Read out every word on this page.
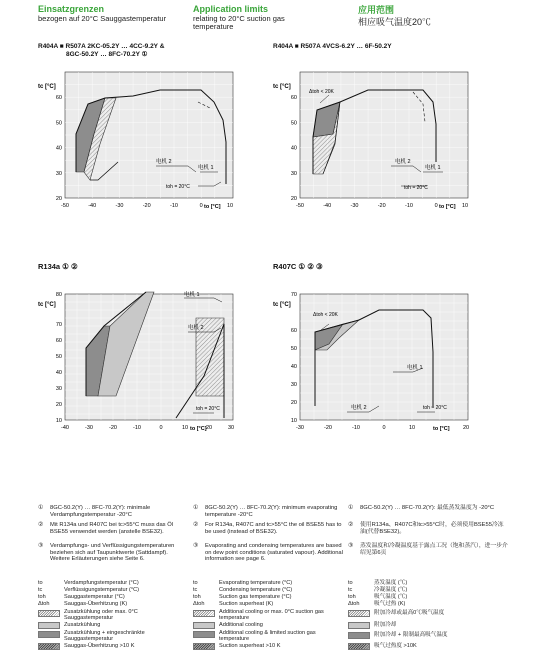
Einsatzgrenzen
bezogen auf 20°C Sauggastemperatur
Application limits
relating to 20°C suction gas
temperature
应用范围
相应吸气温度20℃
R404A ■ R507A 2KC-05.2Y … 4CC-9.2Y &
8GC-50.2Y … 8FC-70.2Y ①
R404A ■ R507A 4VCS-6.2Y … 6F-50.2Y
R134a ① ②	R407C ① ② ③
电机 2
电机 1
toh = 20°C
20
30
40
50
60
-50	-40	-30	-20	-10	0	10
tc [°C]
to [°C]
Δtoh < 20K
电机 2
电机 1
toh = 20°C
20
30
40
50
60
-50	-40	-30	-20	-10	0	10
tc [°C]
to [°C]
电机 1
电机 2
toh = 20°C
10
20
30
40
50
60
70
80
-40	-30	-20	-10	0	10	20	30
tc [°C]
to [°C]
Δtoh < 20K
电机 1
电机 2	toh = 20°C
10
20
30
40
50
60
70
-30	-20	-10	0	10	20
tc [°C]
to [°C]
① 8GC-50.2(Y) … 8FC-70.2(Y): minimale Verdampfungstemperatur -20°C
② Mit R134a und R407C bei tc>55°C muss das Öl BSE55 verwendet werden (anstelle BSE32).
③ Verdampfungs- und Verflüssigungstemperaturen beziehen sich auf Taupunktwerte (Sattdampf). Weitere Erläuterungen siehe Seite 6.
① 8GC-50.2(Y) … 8FC-70.2(Y): minimum evaporating temperature -20°C
② For R134a, R407C and tc>55°C the oil BSE55 has to be used (instead of BSE32).
③ Evaporating and condensing temperatures are based on dew point conditions (saturated vapour). Additional information see page 6.
① 8GC-50.2(Y) … 8FC-70.2(Y): 最低蒸发温度为 -20°C
② 使用R134a、R407C和tc>55°C时，必须使用BSE55冷冻油(代替BSE32)。
③ 蒸发温度和冷凝温度基于露点工况（饱和蒸汽），进一步介绍见第6页
to	Verdampfungstemperatur (°C)
tc	Verflüssigungstemperatur (°C)
toh	Sauggastemperatur (°C)
Δtoh	Sauggas-Überhitzung (K)
Zusatzkühlung oder max. 0°C Sauggastemperatur
Zusatzkühlung
Zusatzkühlung + eingeschränkte Sauggastemperatur
Sauggas-Überhitzung >10 K
to	Evaporating temperature (°C)
tc	Condensing temperature (°C)
toh	Suction gas temperature (°C)
Δtoh	Suction superheat (K)
Additional cooling or max. 0°C suction gas temperature
Additional cooling
Additional cooling & limited suction gas temperature
Suction superheat >10 K
to	蒸发温度 (℃)
tc	冷凝温度 (℃)
toh	吸气温度 (℃)
Δtoh	吸气过热 (K)
附加冷却或最高0℃吸气温度
附加冷却
附加冷却 + 限制最高吸气温度
吸气过热度 >10K
